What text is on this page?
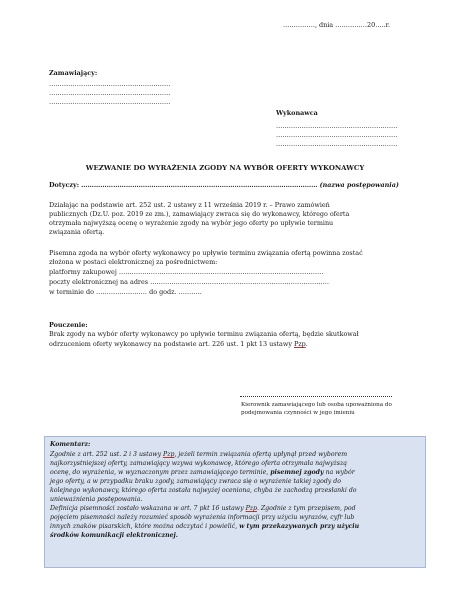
……………, dnia ……………20…..r.
Zamawiający:
…………………………………………………
…………………………………………………
…………………………………………………
Wykonawca
…………………………………………………
…………………………………………………
…………………………………………………
WEZWANIE DO WYRAŻENIA ZGODY NA WYBÓR OFERTY WYKONAWCY
Dotyczy: ………………………………………………………………………………………………… (nazwa postępowania)
Działając na podstawie art. 252 ust. 2 ustawy z 11 września 2019 r. – Prawo zamówień
publicznych (Dz.U. poz. 2019 ze zm.), zamawiający zwraca się do wykonawcy, którego oferta
otrzymała najwyższą ocenę o wyrażenie zgody na wybór jego oferty po upływie terminu
związania ofertą.
Pisemna zgoda na wybór oferty wykonawcy po upływie terminu związania ofertą powinna zostać
złożona w postaci elektronicznej za pośrednictwem:
platformy zakupowej ……………………………………………………………………………………
poczty elektronicznej na adres …………………………………………………………………………
w terminie do …………………… do godz. ………..
Pouczenie:
Brak zgody na wybór oferty wykonawcy po upływie terminu związania ofertą, będzie skutkował
odrzuceniem oferty wykonawcy na podstawie art. 226 ust. 1 pkt 13 ustawy Pzp.
Kierownik zamawiającego lub osoba upoważniona do
podejmowania czynności w jego imieniu
Komentarz:
Zgodnie z art. 252 ust. 2 i 3 ustawy Pzp, jeżeli termin związania ofertą upłynął przed wyborem
najkorzystniejszej oferty, zamawiający wzywa wykonawcę, którego oferta otrzymała najwyższą
ocenę, do wyrażenia, w wyznaczonym przez zamawiającego terminie, pisemnej zgody na wybór
jego oferty, a w przypadku braku zgody, zamawiający zwraca się o wyrażenie takiej zgody do
kolejnego wykonawcy, którego oferta została najwyżej oceniona, chyba że zachodzą przesłanki do
unieważnienia postępowania.
Definicja pisemności zostało wskazana w art. 7 pkt 16 ustawy Pzp. Zgodnie z tym przepisem, pod
pojęciem pisemności należy rozumieć sposób wyrażenia informacji przy użyciu wyrazów, cyfr lub
innych znaków pisarskich, które można odczytać i powielić, w tym przekazywanych przy użyciu
środków komunikacji elektronicznej.
